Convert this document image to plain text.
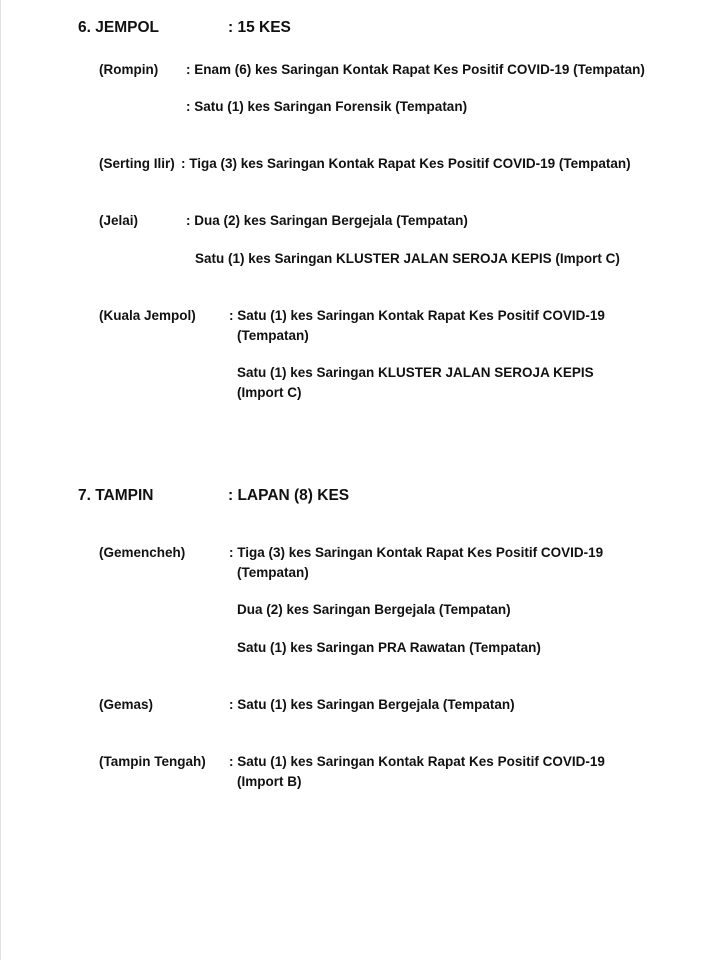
6. JEMPOL	: 15 KES
(Rompin) : Enam (6) kes Saringan Kontak Rapat Kes Positif COVID-19 (Tempatan)
: Satu (1) kes Saringan Forensik (Tempatan)
(Serting Ilir) : Tiga (3) kes Saringan Kontak Rapat Kes Positif COVID-19 (Tempatan)
(Jelai)	: Dua (2) kes Saringan Bergejala (Tempatan)
Satu (1) kes Saringan KLUSTER JALAN SEROJA KEPIS (Import C)
(Kuala Jempol) : Satu (1) kes Saringan Kontak Rapat Kes Positif COVID-19
(Tempatan)
Satu (1) kes Saringan KLUSTER JALAN SEROJA KEPIS
(Import C)
7. TAMPIN	: LAPAN (8) KES
(Gemencheh)	: Tiga (3) kes Saringan Kontak Rapat Kes Positif COVID-19
(Tempatan)
Dua (2) kes Saringan Bergejala (Tempatan)
Satu (1) kes Saringan PRA Rawatan (Tempatan)
(Gemas)	: Satu (1) kes Saringan Bergejala (Tempatan)
(Tampin Tengah) : Satu (1) kes Saringan Kontak Rapat Kes Positif COVID-19
(Import B)
